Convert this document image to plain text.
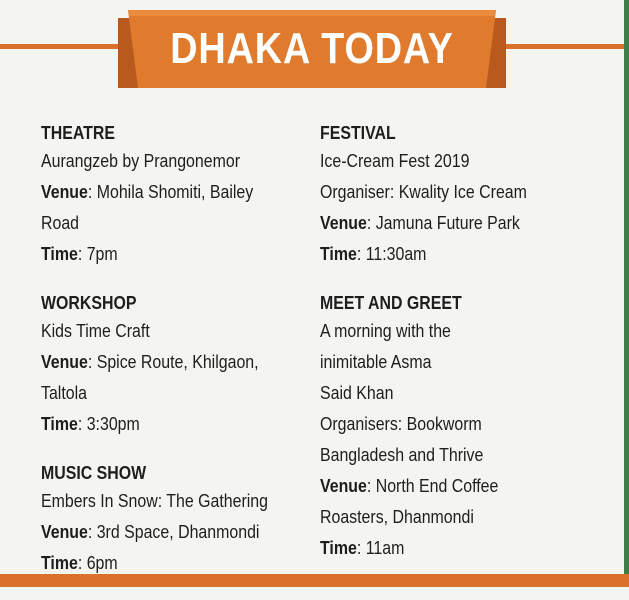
DHAKA TODAY
THEATRE
Aurangzeb by Prangonemor
Venue: Mohila Shomiti, Bailey
Road
Time: 7pm
WORKSHOP
Kids Time Craft
Venue: Spice Route, Khilgaon,
Taltola
Time: 3:30pm
MUSIC SHOW
Embers In Snow: The Gathering
Venue: 3rd Space, Dhanmondi
Time: 6pm
FESTIVAL
Ice-Cream Fest 2019
Organiser: Kwality Ice Cream
Venue: Jamuna Future Park
Time: 11:30am
MEET AND GREET
A morning with the
inimitable Asma
Said Khan
Organisers: Bookworm
Bangladesh and Thrive
Venue: North End Coffee
Roasters, Dhanmondi
Time: 11am
